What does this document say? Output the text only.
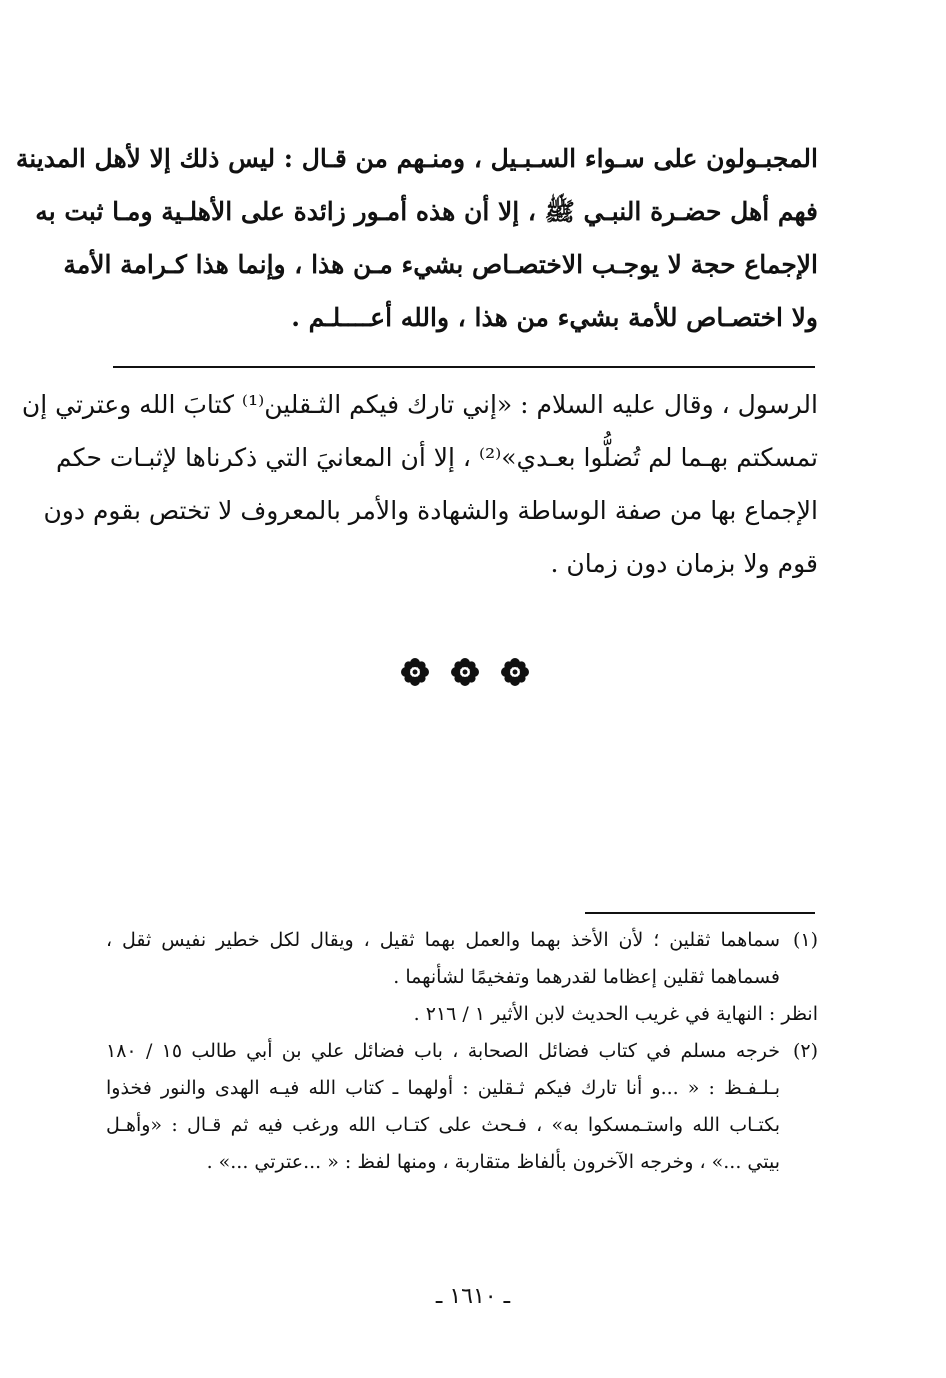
المجبـولون على سـواء السـبـيل ، ومنـهم من قـال : ليس ذلك إلا لأهل المدينة
فهم أهل حضـرة النبـي ﷺ ، إلا أن هذه أمـور زائدة على الأهلـية ومـا ثبت به
الإجماع حجة لا يوجـب الاختصـاص بشيء مـن هذا ، وإنما هذا كـرامة الأمة
ولا اختصـاص للأمة بشيء من هذا ، والله أعــــلـم .
الرسول ، وقال عليه السلام : «إني تارك فيكم الثـقلين⁽¹⁾ كتابَ الله وعترتي إن
تمسكتم بهـما لم تُضلُّوا بعـدي»⁽²⁾ ، إلا أن المعانيَ التي ذكرناها لإثبـات حكم
الإجماع بها من صفة الوساطة والشهادة والأمر بالمعروف لا تختص بقوم دون
قوم ولا بزمان دون زمان .
(١)سماهما ثقلين ؛ لأن الأخذ بهما والعمل بهما ثقيل ، ويقال لكل خطير نفيس ثقل ،
فسماهما ثقلين إعظاما لقدرهما وتفخيمًا لشأنهما .
انظر : النهاية في غريب الحديث لابن الأثير ١ / ٢١٦ .
(٢)خرجه مسلم في كتاب فضائل الصحابة ، باب فضائل علي بن أبي طالب ١٥ / ١٨٠
بـلـفـظ : « ...و أنا تارك فيكم ثـقلين : أولهما ـ كتاب الله فيـه الهدى والنور فخذوا
بكتـاب الله واستـمسكوا به» ، فـحث على كتـاب الله ورغب فيه ثم قـال : «وأهـل
بيتي ...» ، وخرجه الآخرون بألفاظ متقاربة ، ومنها لفظ : « ...عترتي ...» .
ـ ١٦١٠ ـ
